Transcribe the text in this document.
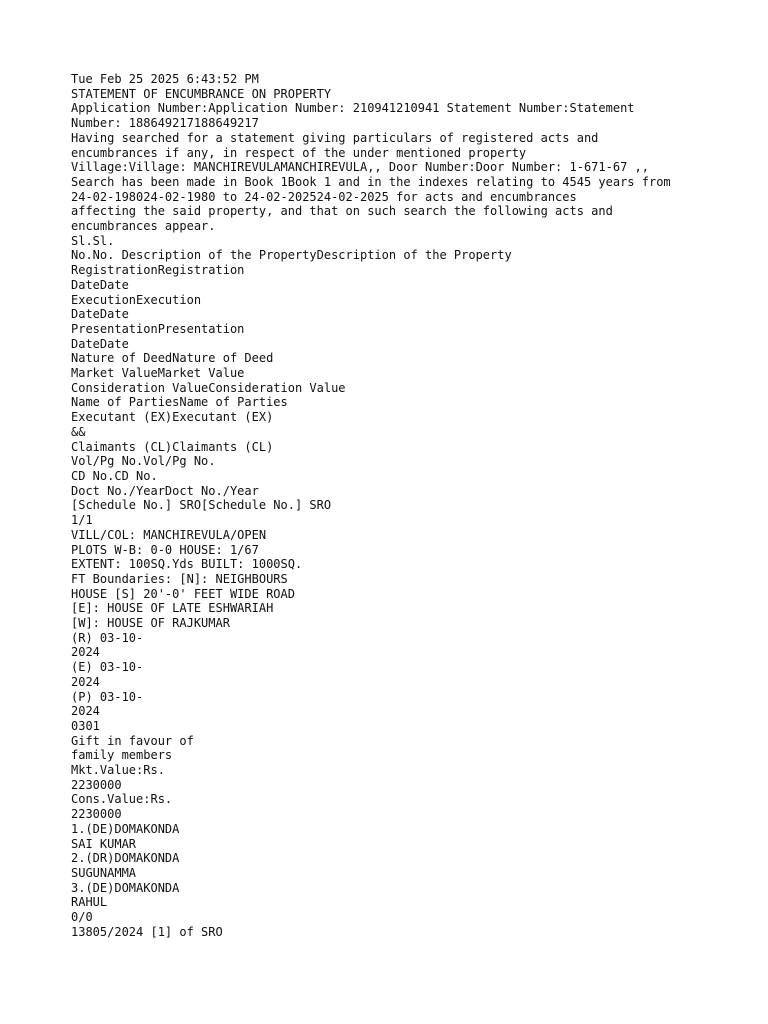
Tue Feb 25 2025 6:43:52 PM
STATEMENT OF ENCUMBRANCE ON PROPERTY
Application Number:Application Number: 210941210941 Statement Number:Statement
Number: 188649217188649217
Having searched for a statement giving particulars of registered acts and
encumbrances if any, in respect of the under mentioned property
Village:Village: MANCHIREVULAMANCHIREVULA,, Door Number:Door Number: 1-671-67 ,,
Search has been made in Book 1Book 1 and in the indexes relating to 4545 years from
24-02-198024-02-1980 to 24-02-202524-02-2025 for acts and encumbrances
affecting the said property, and that on such search the following acts and
encumbrances appear.
Sl.Sl.
No.No. Description of the PropertyDescription of the Property
RegistrationRegistration
DateDate
ExecutionExecution
DateDate
PresentationPresentation
DateDate
Nature of DeedNature of Deed
Market ValueMarket Value
Consideration ValueConsideration Value
Name of PartiesName of Parties
Executant (EX)Executant (EX)
&&
Claimants (CL)Claimants (CL)
Vol/Pg No.Vol/Pg No.
CD No.CD No.
Doct No./YearDoct No./Year
[Schedule No.] SRO[Schedule No.] SRO
1/1
VILL/COL: MANCHIREVULA/OPEN
PLOTS W-B: 0-0 HOUSE: 1/67
EXTENT: 100SQ.Yds BUILT: 1000SQ.
FT Boundaries: [N]: NEIGHBOURS
HOUSE [S] 20'-0' FEET WIDE ROAD
[E]: HOUSE OF LATE ESHWARIAH
[W]: HOUSE OF RAJKUMAR
(R) 03-10-
2024
(E) 03-10-
2024
(P) 03-10-
2024
0301
Gift in favour of
family members
Mkt.Value:Rs.
2230000
Cons.Value:Rs.
2230000
1.(DE)DOMAKONDA
SAI KUMAR
2.(DR)DOMAKONDA
SUGUNAMMA
3.(DE)DOMAKONDA
RAHUL
0/0
13805/2024 [1] of SRO
